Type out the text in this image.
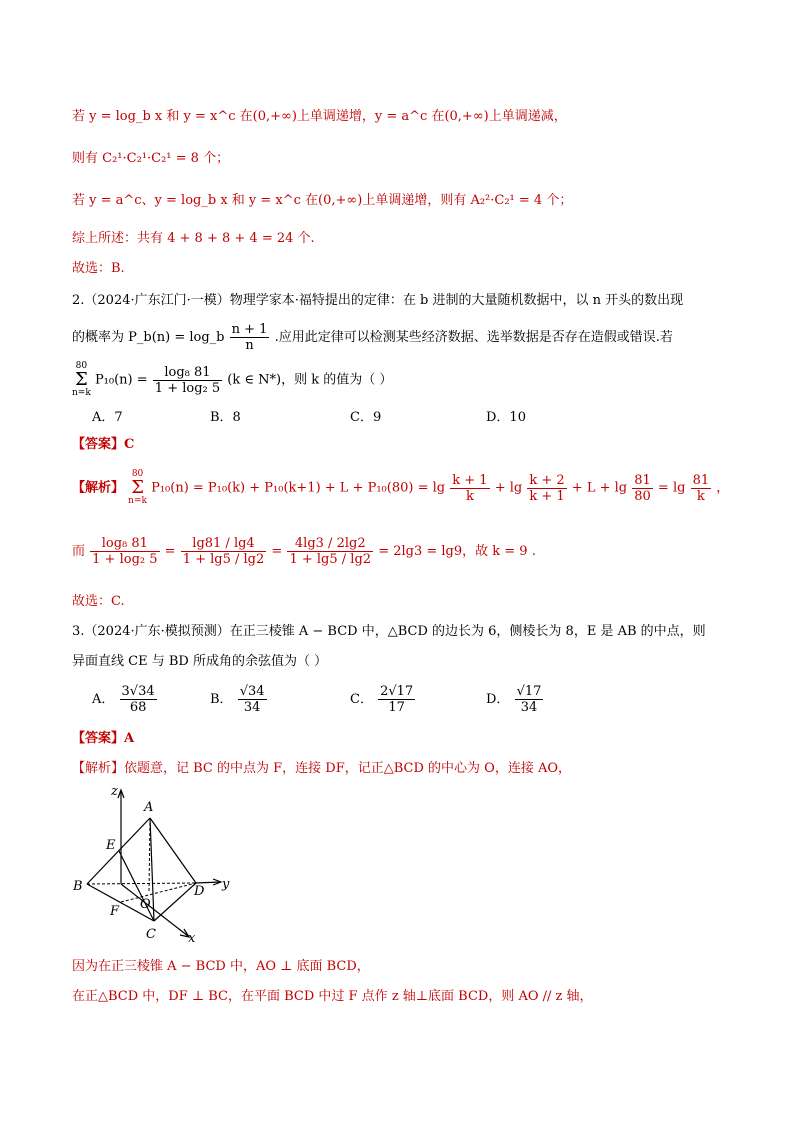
若 y = log_b x 和 y = x^c 在(0,+∞)上单调递增，y = a^c 在(0,+∞)上单调递减，
则有 C₂¹·C₂¹·C₂¹ = 8 个；
若 y = a^c、y = log_b x 和 y = x^c 在(0,+∞)上单调递增，则有 A₂²·C₂¹ = 4 个；
综上所述：共有 4 + 8 + 8 + 4 = 24 个.
故选：B.
2.（2024·广东江门·一模）物理学家本·福特提出的定律：在 b 进制的大量随机数据中，以 n 开头的数出现
的概率为 P_b(n) = log_b $\frac{n + 1}{n}$ .应用此定律可以检测某些经济数据、选举数据是否存在造假或错误.若
80
Σ
n=k
$P_{10}(n) = \frac{\text{log₈ 81}}{\text{1 + log₂ 5}} (k$ ∈ N*)，则 k 的值为（ ）
A．7	B．8	C．9	D．10
【答案】C
【解析】
80
Σ
n=k
$P_{10}(n) = P_{10}(k) + P_{10}(k+1) + L + P_{10}(80) = \lg \frac{k + 1}{k} + \lg \frac{k + 2}{k + 1} + L + \lg \frac{81}{80} = \lg \frac{81}{k}$ ，
而 $\frac{\text{log₈ 81}}{\text{1 + log₂ 5}} = \frac{\lg 81 / \lg 4}{1 + \lg 5 / \lg 2} = \frac{4\lg 3 / 2\lg 2}{1 + \lg 5 / \lg 2} = 2\lg 3 = \lg 9$，故 k = 9 .
故选：C.
3.（2024·广东·模拟预测）在正三棱锥 A − BCD 中，△BCD 的边长为 6，侧棱长为 8，E 是 AB 的中点，则
异面直线 CE 与 BD 所成角的余弦值为（ ）
A． $\frac{3√34}{68}$	B． $\frac{√34}{34}$	C． $\frac{2√17}{17}$	D． $\frac{√17}{34}$
【答案】A
【解析】依题意，记 BC 的中点为 F，连接 DF，记正△BCD 的中心为 O，连接 AO，
z
A
E
B	D y
O
F
C x
因为在正三棱锥 A − BCD 中，AO ⊥ 底面 BCD，
在正△BCD 中，DF ⊥ BC，在平面 BCD 中过 F 点作 z 轴⊥底面 BCD，则 AO // z 轴，
